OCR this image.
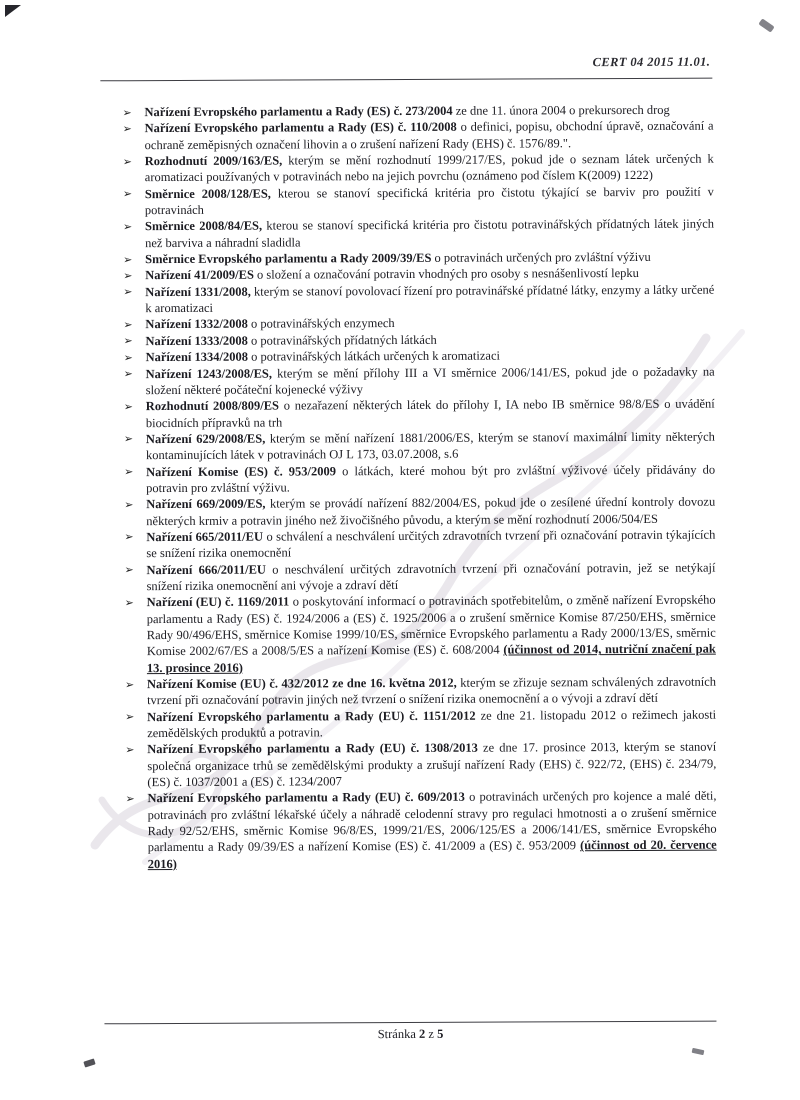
CERT 04 2015 11.01.
➢ Nařízení Evropského parlamentu a Rady (ES) č. 273/2004 ze dne 11. února 2004 o prekursorech drog
➢ Nařízení Evropského parlamentu a Rady (ES) č. 110/2008 o definici, popisu, obchodní úpravě, označování a ochraně zeměpisných označení lihovin a o zrušení nařízení Rady (EHS) č. 1576/89.".
➢ Rozhodnutí 2009/163/ES, kterým se mění rozhodnutí 1999/217/ES, pokud jde o seznam látek určených k aromatizaci používaných v potravinách nebo na jejich povrchu (oznámeno pod číslem K(2009) 1222)
➢ Směrnice 2008/128/ES, kterou se stanoví specifická kritéria pro čistotu týkající se barviv pro použití v potravinách
➢ Směrnice 2008/84/ES, kterou se stanoví specifická kritéria pro čistotu potravinářských přídatných látek jiných než barviva a náhradní sladidla
➢ Směrnice Evropského parlamentu a Rady 2009/39/ES o potravinách určených pro zvláštní výživu
➢ Nařízení 41/2009/ES o složení a označování potravin vhodných pro osoby s nesnášenlivostí lepku
➢ Nařízení 1331/2008, kterým se stanoví povolovací řízení pro potravinářské přídatné látky, enzymy a látky určené k aromatizaci
➢ Nařízení 1332/2008 o potravinářských enzymech
➢ Nařízení 1333/2008 o potravinářských přídatných látkách
➢ Nařízení 1334/2008 o potravinářských látkách určených k aromatizaci
➢ Nařízení 1243/2008/ES, kterým se mění přílohy III a VI směrnice 2006/141/ES, pokud jde o požadavky na složení některé počáteční kojenecké výživy
➢ Rozhodnutí 2008/809/ES o nezařazení některých látek do přílohy I, IA nebo IB směrnice 98/8/ES o uvádění biocidních přípravků na trh
➢ Nařízení 629/2008/ES, kterým se mění nařízení 1881/2006/ES, kterým se stanoví maximální limity některých kontaminujících látek v potravinách OJ L 173, 03.07.2008, s.6
➢ Nařízení Komise (ES) č. 953/2009 o látkách, které mohou být pro zvláštní výživové účely přidávány do potravin pro zvláštní výživu.
➢ Nařízení 669/2009/ES, kterým se provádí nařízení 882/2004/ES, pokud jde o zesílené úřední kontroly dovozu některých krmiv a potravin jiného než živočišného původu, a kterým se mění rozhodnutí 2006/504/ES
➢ Nařízení 665/2011/EU o schválení a neschválení určitých zdravotních tvrzení při označování potravin týkajících se snížení rizika onemocnění
➢ Nařízení 666/2011/EU o neschválení určitých zdravotních tvrzení při označování potravin, jež se netýkají snížení rizika onemocnění ani vývoje a zdraví dětí
➢ Nařízení (EU) č. 1169/2011 o poskytování informací o potravinách spotřebitelům, o změně nařízení Evropského parlamentu a Rady (ES) č. 1924/2006 a (ES) č. 1925/2006 a o zrušení směrnice Komise 87/250/EHS, směrnice Rady 90/496/EHS, směrnice Komise 1999/10/ES, směrnice Evropského parlamentu a Rady 2000/13/ES, směrnic Komise 2002/67/ES a 2008/5/ES a nařízení Komise (ES) č. 608/2004 (účinnost od 2014, nutriční značení pak 13. prosince 2016)
➢ Nařízení Komise (EU) č. 432/2012 ze dne 16. května 2012, kterým se zřizuje seznam schválených zdravotních tvrzení při označování potravin jiných než tvrzení o snížení rizika onemocnění a o vývoji a zdraví dětí
➢ Nařízení Evropského parlamentu a Rady (EU) č. 1151/2012 ze dne 21. listopadu 2012 o režimech jakosti zemědělských produktů a potravin.
➢ Nařízení Evropského parlamentu a Rady (EU) č. 1308/2013 ze dne 17. prosince 2013, kterým se stanoví společná organizace trhů se zemědělskými produkty a zrušují nařízení Rady (EHS) č. 922/72, (EHS) č. 234/79, (ES) č. 1037/2001 a (ES) č. 1234/2007
➢ Nařízení Evropského parlamentu a Rady (EU) č. 609/2013 o potravinách určených pro kojence a malé děti, potravinách pro zvláštní lékařské účely a náhradě celodenní stravy pro regulaci hmotnosti a o zrušení směrnice Rady 92/52/EHS, směrnic Komise 96/8/ES, 1999/21/ES, 2006/125/ES a 2006/141/ES, směrnice Evropského parlamentu a Rady 09/39/ES a nařízení Komise (ES) č. 41/2009 a (ES) č. 953/2009 (účinnost od 20. července 2016)
Stránka 2 z 5
